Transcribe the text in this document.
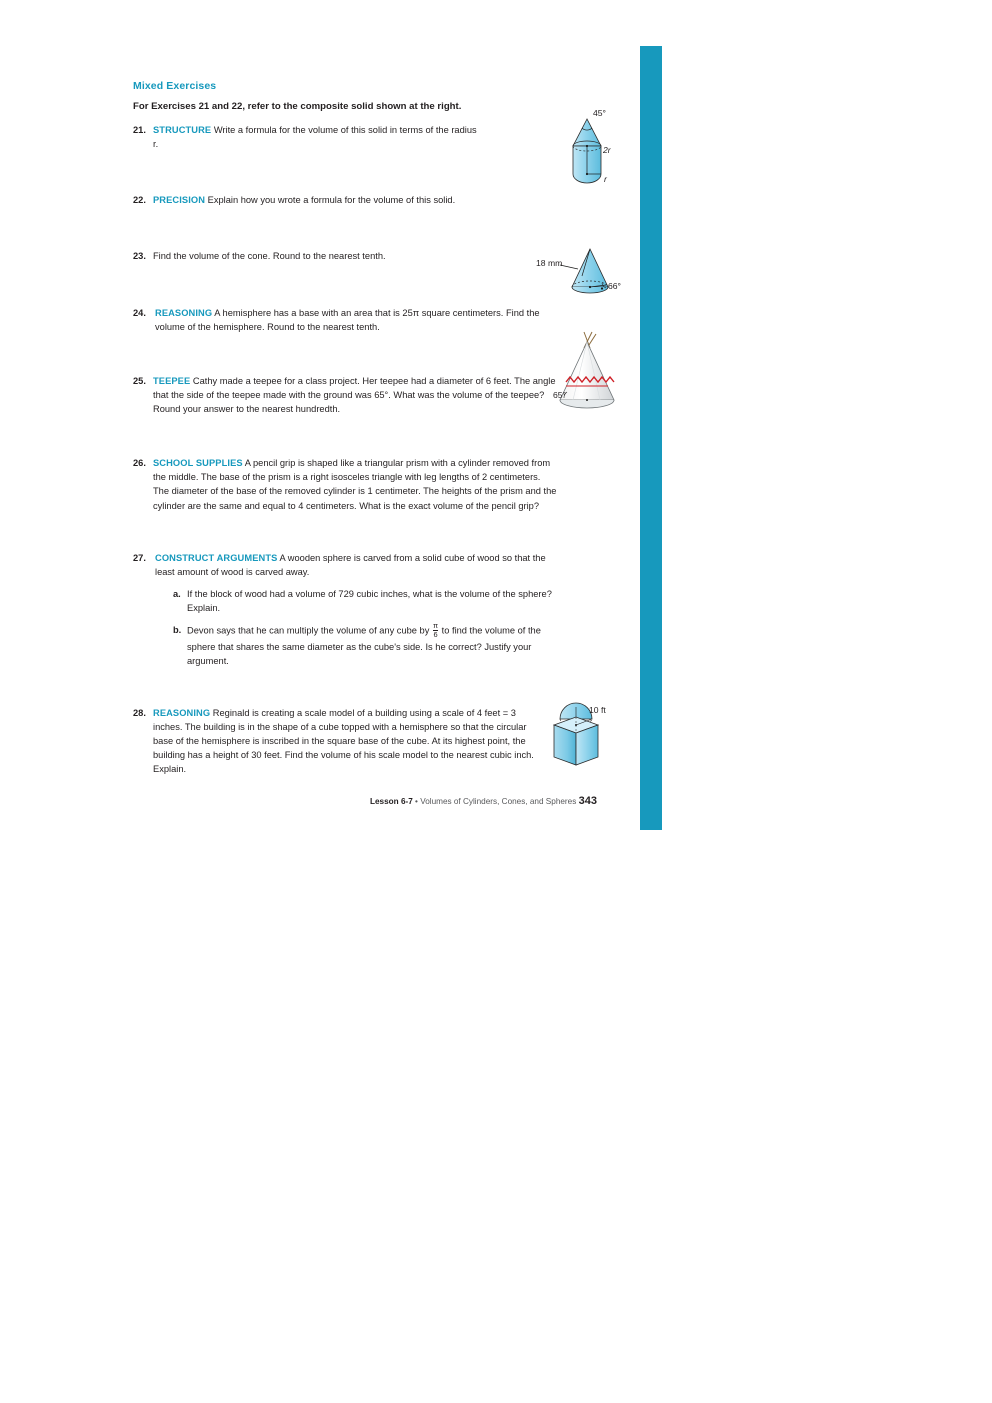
Mixed Exercises
For Exercises 21 and 22, refer to the composite solid shown at the right.
21. STRUCTURE Write a formula for the volume of this solid in terms of the radius r.
22. PRECISION Explain how you wrote a formula for the volume of this solid.
23. Find the volume of the cone. Round to the nearest tenth.
24. REASONING A hemisphere has a base with an area that is 25π square centimeters. Find the volume of the hemisphere. Round to the nearest tenth.
25. TEEPEE Cathy made a teepee for a class project. Her teepee had a diameter of 6 feet. The angle that the side of the teepee made with the ground was 65°. What was the volume of the teepee? Round your answer to the nearest hundredth.
26. SCHOOL SUPPLIES A pencil grip is shaped like a triangular prism with a cylinder removed from the middle. The base of the prism is a right isosceles triangle with leg lengths of 2 centimeters. The diameter of the base of the removed cylinder is 1 centimeter. The heights of the prism and the cylinder are the same and equal to 4 centimeters. What is the exact volume of the pencil grip?
27. CONSTRUCT ARGUMENTS A wooden sphere is carved from a solid cube of wood so that the least amount of wood is carved away.
a. If the block of wood had a volume of 729 cubic inches, what is the volume of the sphere? Explain.
b. Devon says that he can multiply the volume of any cube by $\frac{\pi}{6}$ to find the volume of the sphere that shares the same diameter as the cube's side. Is he correct? Justify your argument.
28. REASONING Reginald is creating a scale model of a building using a scale of 4 feet = 3 inches. The building is in the shape of a cube topped with a hemisphere so that the circular base of the hemisphere is inscribed in the square base of the cube. At its highest point, the building has a height of 30 feet. Find the volume of his scale model to the nearest cubic inch. Explain.
45°
2r
r
18 mm
66°
65°
10 ft
Lesson 6-7 • Volumes of Cylinders, Cones, and Spheres 343
